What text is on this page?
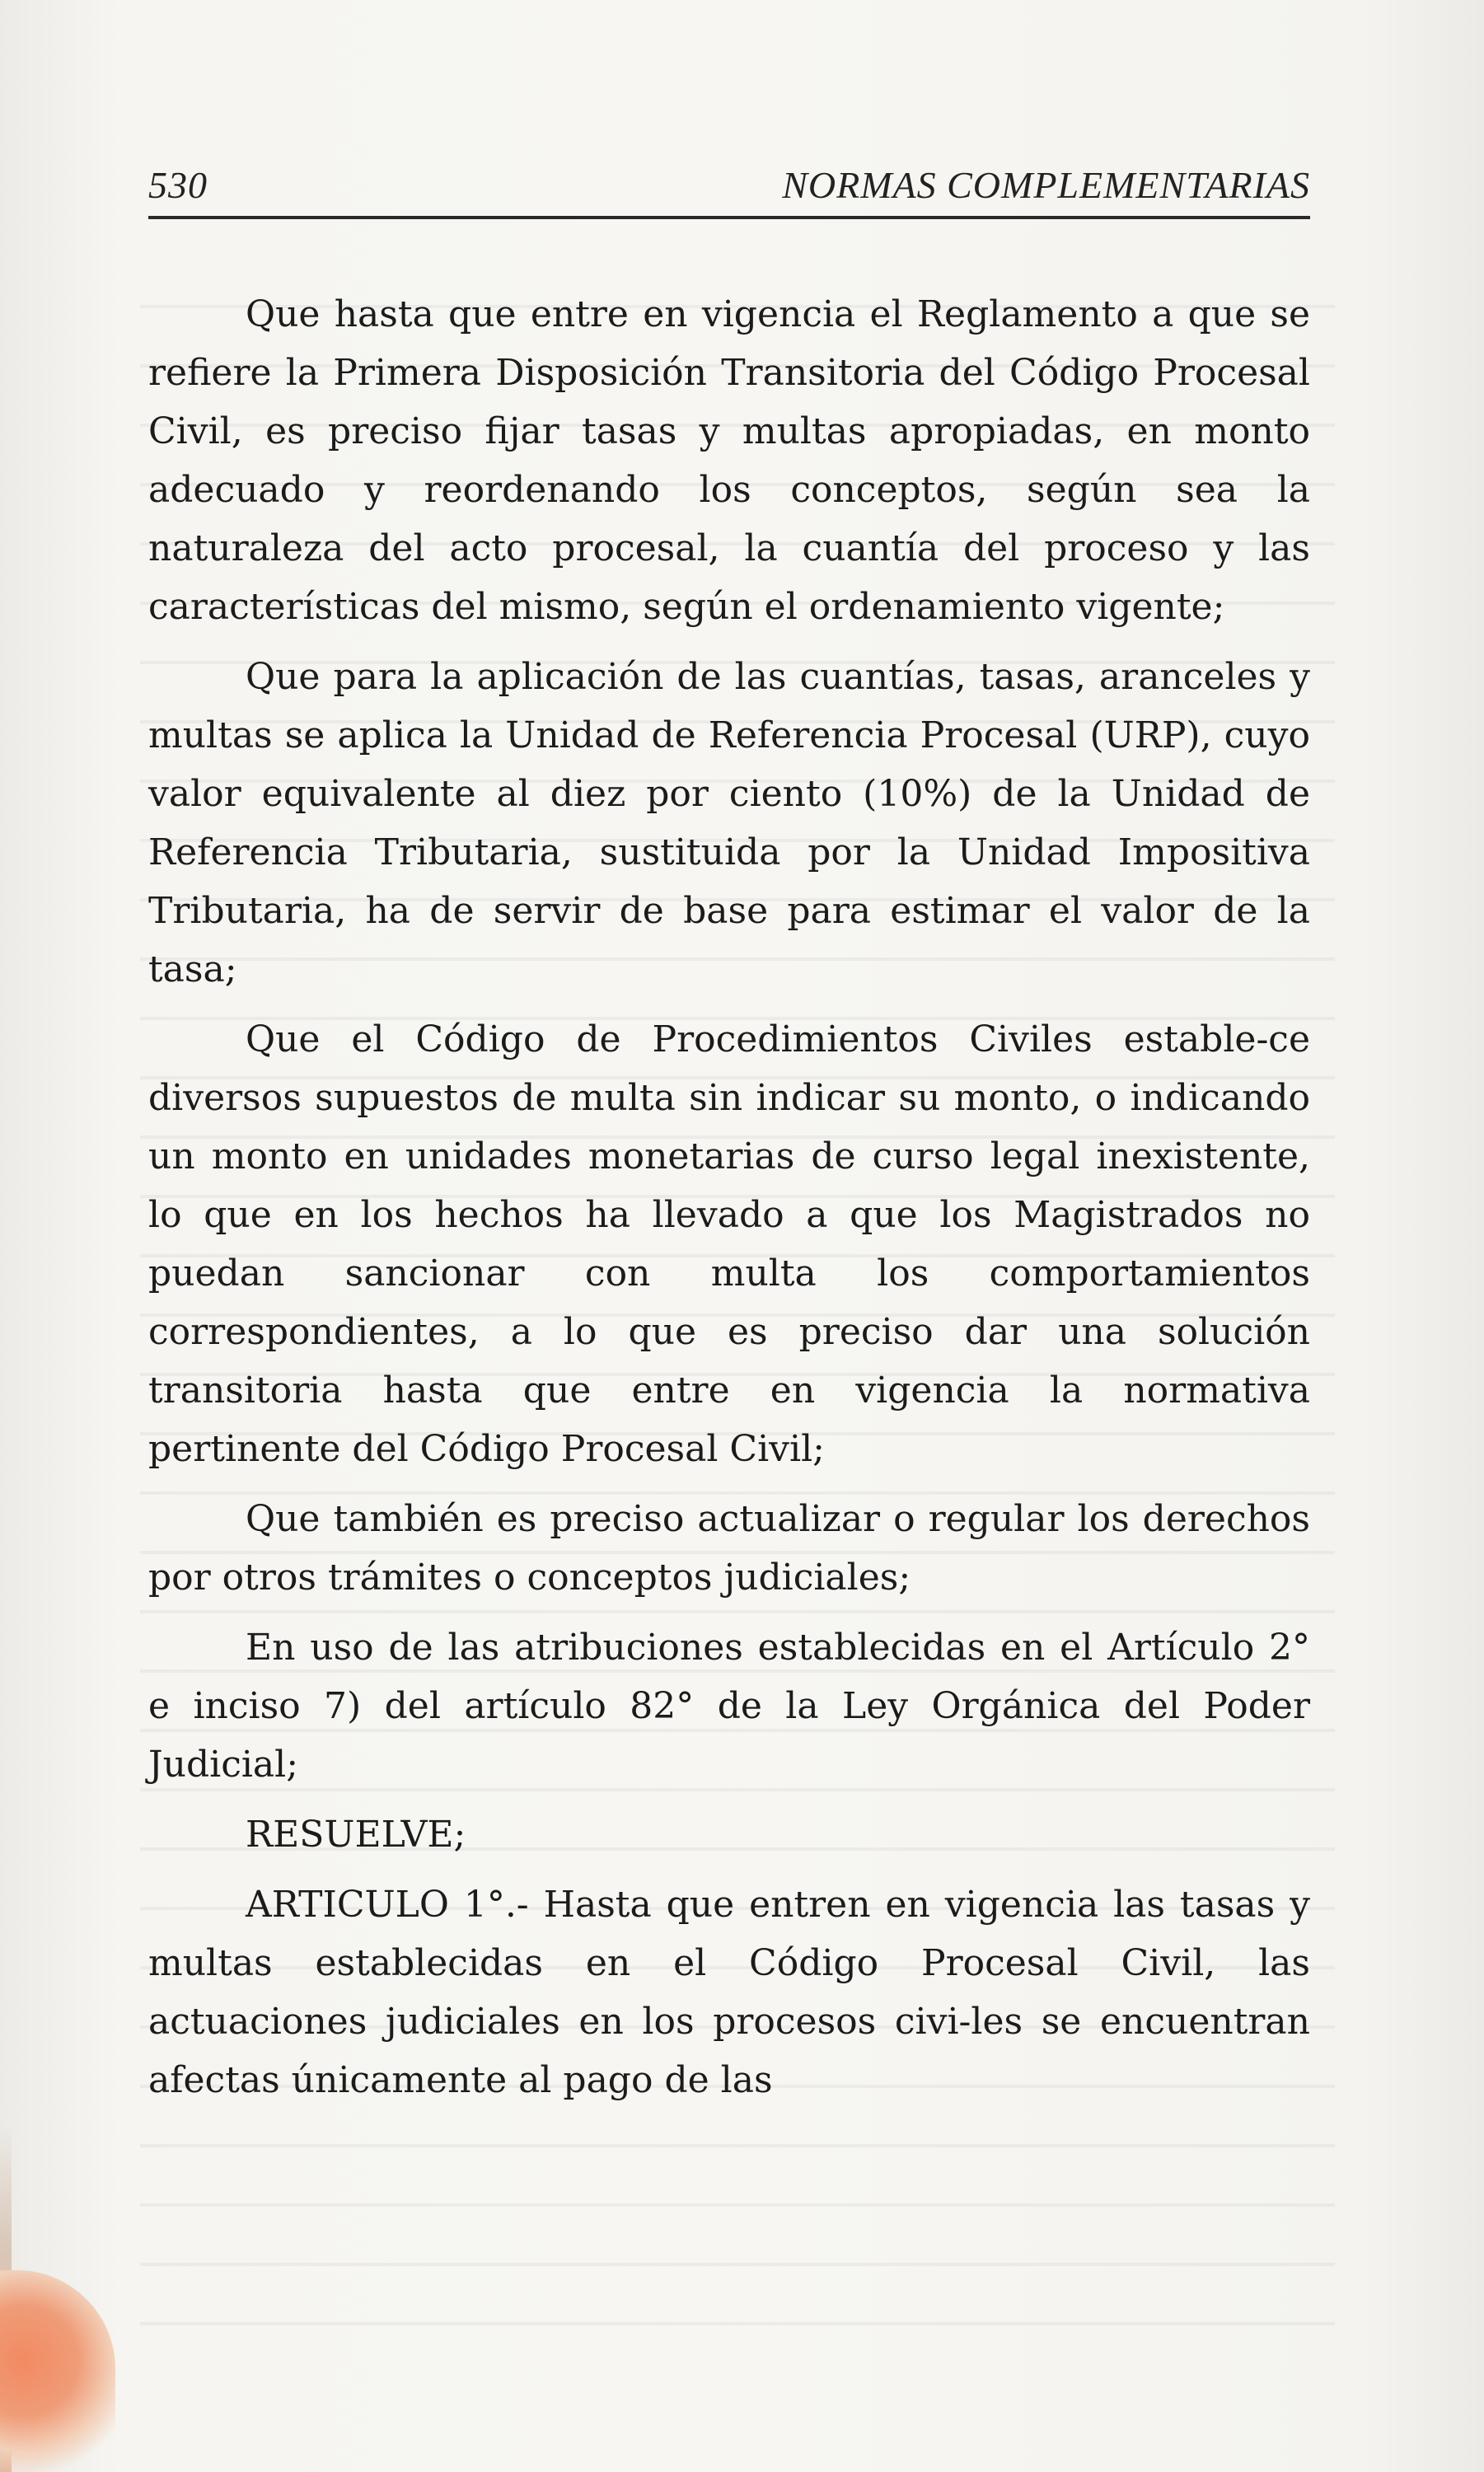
530	NORMAS COMPLEMENTARIAS

Que hasta que entre en vigencia el Reglamento a que se refiere la Primera Disposición Transitoria del Código Procesal Civil, es preciso fijar tasas y multas apropiadas, en monto adecuado y reordenando los conceptos, según sea la naturaleza del acto procesal, la cuantía del proceso y las características del mismo, según el ordenamiento vigente;

Que para la aplicación de las cuantías, tasas, aranceles y multas se aplica la Unidad de Referencia Procesal (URP), cuyo valor equivalente al diez por ciento (10%) de la Unidad de Referencia Tributaria, sustituida por la Unidad Impositiva Tributaria, ha de servir de base para estimar el valor de la tasa;

Que el Código de Procedimientos Civiles estable-ce diversos supuestos de multa sin indicar su monto, o indicando un monto en unidades monetarias de curso legal inexistente, lo que en los hechos ha llevado a que los Magistrados no puedan sancionar con multa los comportamientos correspondientes, a lo que es preciso dar una solución transitoria hasta que entre en vigencia la normativa pertinente del Código Procesal Civil;

Que también es preciso actualizar o regular los derechos por otros trámites o conceptos judiciales;

En uso de las atribuciones establecidas en el Artículo 2° e inciso 7) del artículo 82° de la Ley Orgánica del Poder Judicial;

RESUELVE;

ARTICULO 1°.- Hasta que entren en vigencia las tasas y multas establecidas en el Código Procesal Civil, las actuaciones judiciales en los procesos civi-les se encuentran afectas únicamente al pago de las
